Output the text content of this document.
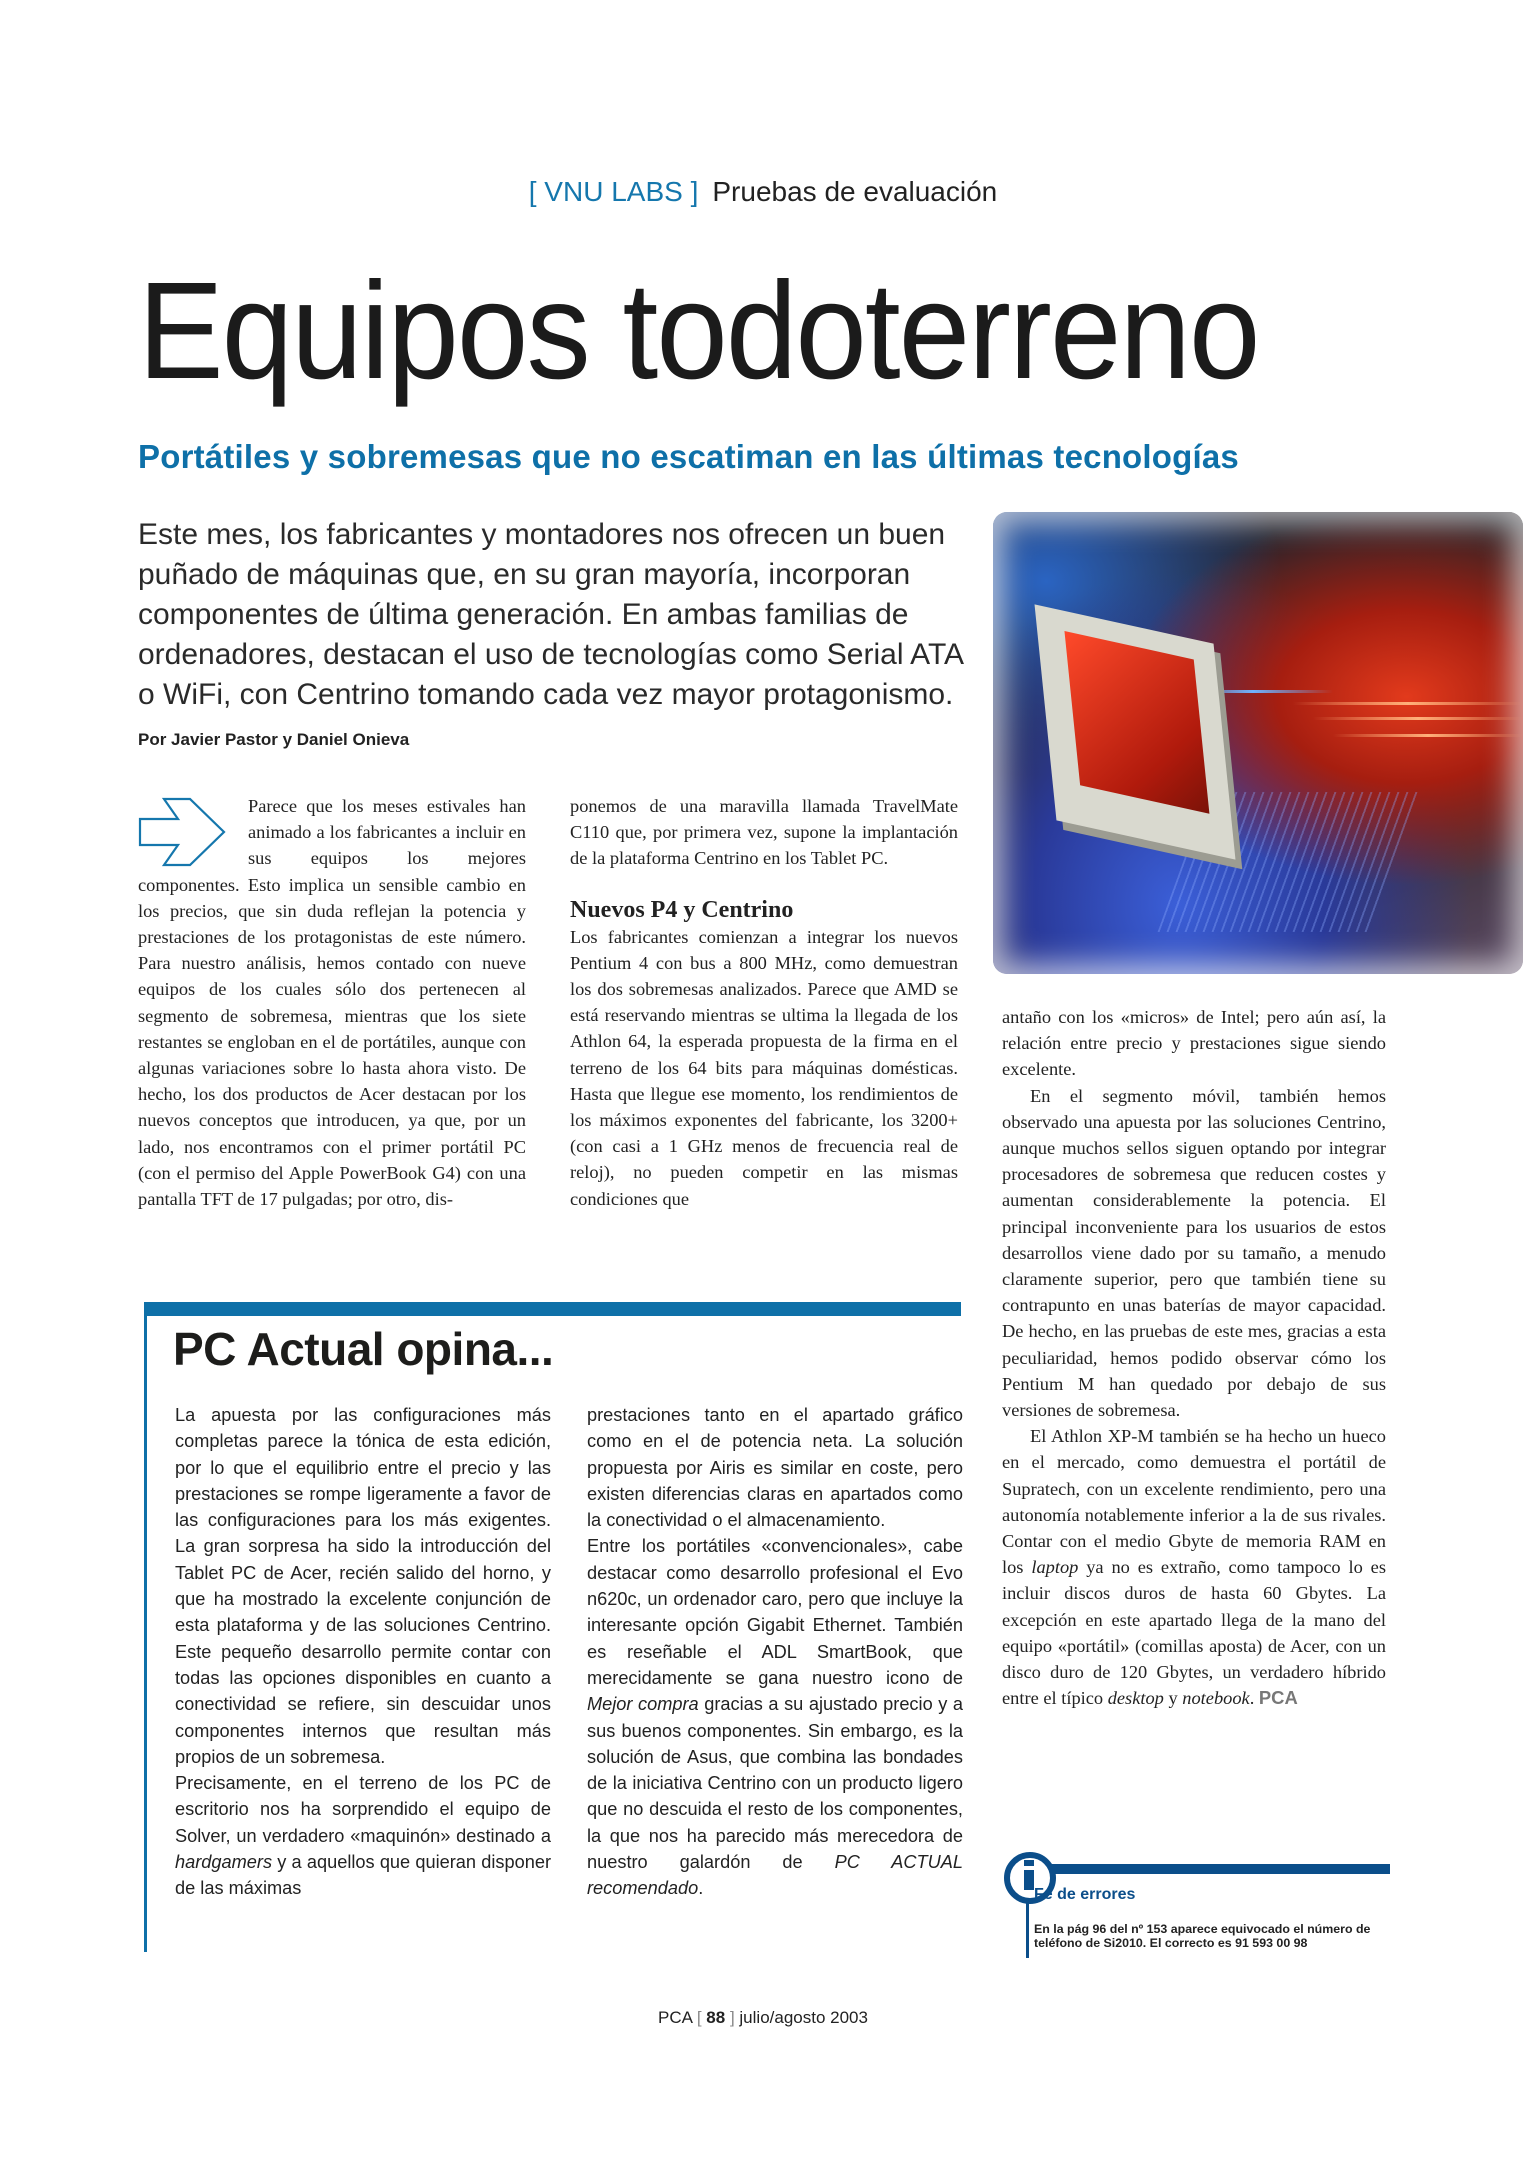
[ VNU LABS ] Pruebas de evaluación
Equipos todoterreno
Portátiles y sobremesas que no escatiman en las últimas tecnologías
Este mes, los fabricantes y montadores nos ofrecen un buen puñado de máquinas que, en su gran mayoría, incorporan componentes de última generación. En ambas familias de ordenadores, destacan el uso de tecnologías como Serial ATA o WiFi, con Centrino tomando cada vez mayor protagonismo.
Por Javier Pastor y Daniel Onieva

Parece que los meses estivales han animado a los fabricantes a incluir en sus equipos los mejores componentes. Esto implica un sensible cambio en los precios, que sin duda reflejan la potencia y prestaciones de los protagonistas de este número. Para nuestro análisis, hemos contado con nueve equipos de los cuales sólo dos pertenecen al segmento de sobremesa, mientras que los siete restantes se engloban en el de portátiles, aunque con algunas variaciones sobre lo hasta ahora visto. De hecho, los dos productos de Acer destacan por los nuevos conceptos que introducen, ya que, por un lado, nos encontramos con el primer portátil PC (con el permiso del Apple PowerBook G4) con una pantalla TFT de 17 pulgadas; por otro, dis-

ponemos de una maravilla llamada TravelMate C110 que, por primera vez, supone la implantación de la plataforma Centrino en los Tablet PC.

Nuevos P4 y Centrino

Los fabricantes comienzan a integrar los nuevos Pentium 4 con bus a 800 MHz, como demuestran los dos sobremesas analizados. Parece que AMD se está reservando mientras se ultima la llegada de los Athlon 64, la esperada propuesta de la firma en el terreno de los 64 bits para máquinas domésticas. Hasta que llegue ese momento, los rendimientos de los máximos exponentes del fabricante, los 3200+ (con casi a 1 GHz menos de frecuencia real de reloj), no pueden competir en las mismas condiciones que

antaño con los «micros» de Intel; pero aún así, la relación entre precio y prestaciones sigue siendo excelente.

En el segmento móvil, también hemos observado una apuesta por las soluciones Centrino, aunque muchos sellos siguen optando por integrar procesadores de sobremesa que reducen costes y aumentan considerablemente la potencia. El principal inconveniente para los usuarios de estos desarrollos viene dado por su tamaño, a menudo claramente superior, pero que también tiene su contrapunto en unas baterías de mayor capacidad. De hecho, en las pruebas de este mes, gracias a esta peculiaridad, hemos podido observar cómo los Pentium M han quedado por debajo de sus versiones de sobremesa.

El Athlon XP-M también se ha hecho un hueco en el mercado, como demuestra el portátil de Supratech, con un excelente rendimiento, pero una autonomía notablemente inferior a la de sus rivales. Contar con el medio Gbyte de memoria RAM en los laptop ya no es extraño, como tampoco lo es incluir discos duros de hasta 60 Gbytes. La excepción en este apartado llega de la mano del equipo «portátil» (comillas aposta) de Acer, con un disco duro de 120 Gbytes, un verdadero híbrido entre el típico desktop y notebook. PCA

PC Actual opina...

La apuesta por las configuraciones más completas parece la tónica de esta edición, por lo que el equilibrio entre el precio y las prestaciones se rompe ligeramente a favor de las configuraciones para los más exigentes. La gran sorpresa ha sido la introducción del Tablet PC de Acer, recién salido del horno, y que ha mostrado la excelente conjunción de esta plataforma y de las soluciones Centrino. Este pequeño desarrollo permite contar con todas las opciones disponibles en cuanto a conectividad se refiere, sin descuidar unos componentes internos que resultan más propios de un sobremesa.

Precisamente, en el terreno de los PC de escritorio nos ha sorprendido el equipo de Solver, un verdadero «maquinón» destinado a hardgamers y a aquellos que quieran disponer de las máximas

prestaciones tanto en el apartado gráfico como en el de potencia neta. La solución propuesta por Airis es similar en coste, pero existen diferencias claras en apartados como la conectividad o el almacenamiento.

Entre los portátiles «convencionales», cabe destacar como desarrollo profesional el Evo n620c, un ordenador caro, pero que incluye la interesante opción Gigabit Ethernet. También es reseñable el ADL SmartBook, que merecidamente se gana nuestro icono de Mejor compra gracias a su ajustado precio y a sus buenos componentes. Sin embargo, es la solución de Asus, que combina las bondades de la iniciativa Centrino con un producto ligero que no descuida el resto de los componentes, la que nos ha parecido más merecedora de nuestro galardón de PC ACTUAL recomendado.	Fe de errores
En la pág 96 del nº 153 aparece equivocado el número de teléfono de Si2010. El correcto es 91 593 00 98
PCA [ 88 ] julio/agosto 2003
